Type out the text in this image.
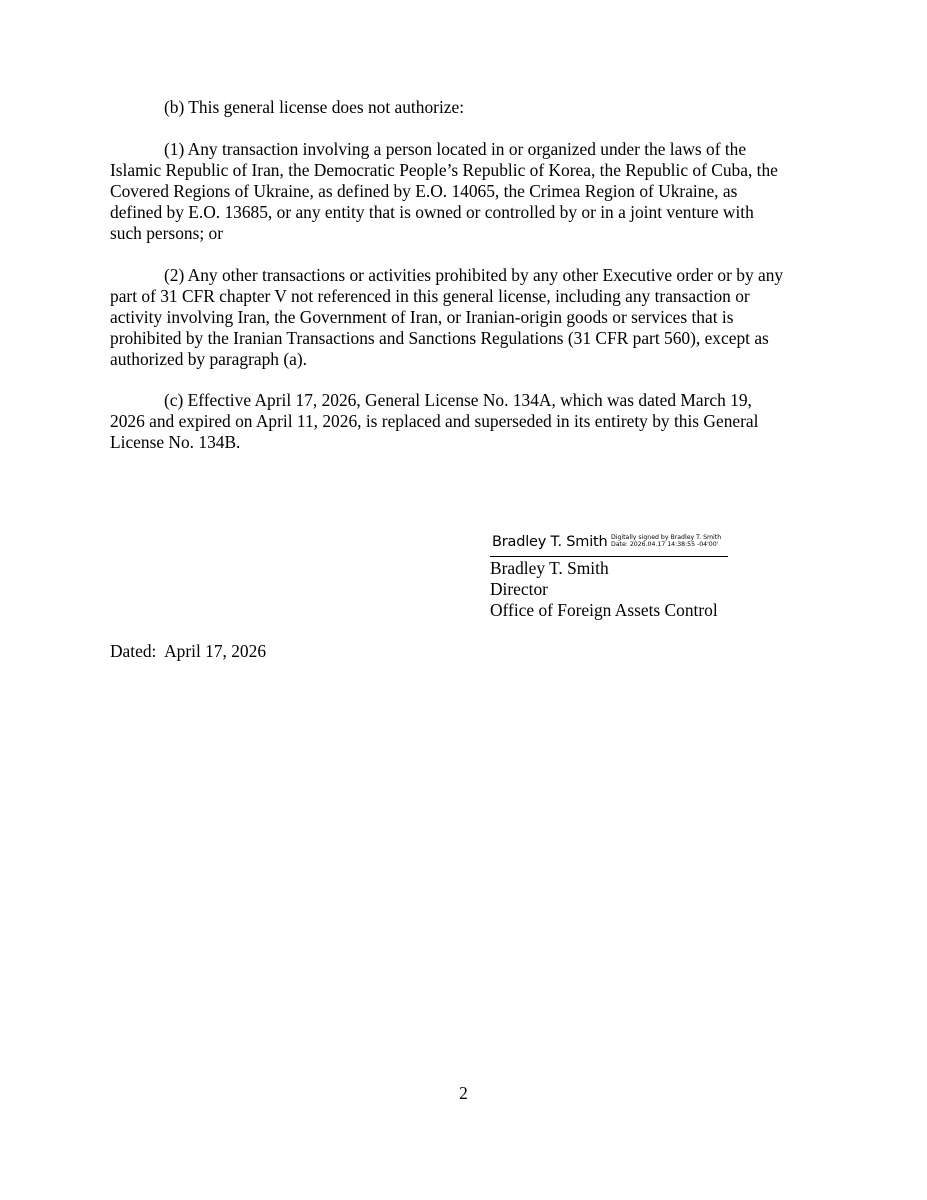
(b) This general license does not authorize:
(1) Any transaction involving a person located in or organized under the laws of the
Islamic Republic of Iran, the Democratic People’s Republic of Korea, the Republic of Cuba, the
Covered Regions of Ukraine, as defined by E.O. 14065, the Crimea Region of Ukraine, as
defined by E.O. 13685, or any entity that is owned or controlled by or in a joint venture with
such persons; or
(2) Any other transactions or activities prohibited by any other Executive order or by any
part of 31 CFR chapter V not referenced in this general license, including any transaction or
activity involving Iran, the Government of Iran, or Iranian-origin goods or services that is
prohibited by the Iranian Transactions and Sanctions Regulations (31 CFR part 560), except as
authorized by paragraph (a).
(c) Effective April 17, 2026, General License No. 134A, which was dated March 19,
2026 and expired on April 11, 2026, is replaced and superseded in its entirety by this General
License No. 134B.
Bradley T. Smith Digitally signed by Bradley T. Smith
Date: 2026.04.17 14:38:55 -04'00'
Bradley T. Smith
Director
Office of Foreign Assets Control
Dated:  April 17, 2026
2
